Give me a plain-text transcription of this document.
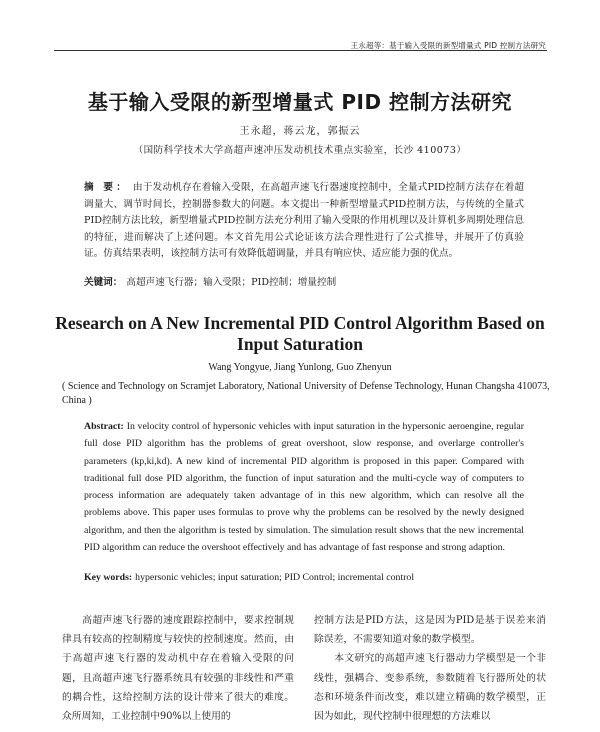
王永超等：基于输入受限的新型增量式 PID 控制方法研究
基于输入受限的新型增量式 PID 控制方法研究
王永超，蒋云龙，郭振云
（国防科学技术大学高超声速冲压发动机技术重点实验室，长沙 410073）
摘 要： 由于发动机存在着输入受限，在高超声速飞行器速度控制中，全量式PID控制方法存在着超调量大、调节时间长，控制器参数大的问题。本文提出一种新型增量式PID控制方法，与传统的全量式PID控制方法比较，新型增量式PID控制方法充分利用了输入受限的作用机理以及计算机多周期处理信息的特征，进而解决了上述问题。本文首先用公式论证该方法合理性进行了公式推导，并展开了仿真验证。仿真结果表明，该控制方法可有效降低超调量，并具有响应快、适应能力强的优点。
关键词： 高超声速飞行器；输入受限；PID控制；增量控制
Research on A New Incremental PID Control Algorithm Based on Input Saturation
Wang Yongyue, Jiang Yunlong, Guo Zhenyun
( Science and Technology on Scramjet Laboratory, National University of Defense Technology, Hunan Changsha 410073, China )
Abstract: In velocity control of hypersonic vehicles with input saturation in the hypersonic aeroengine, regular full dose PID algorithm has the problems of great overshoot, slow response, and overlarge controller's parameters (kp,ki,kd). A new kind of incremental PID algorithm is proposed in this paper. Compared with traditional full dose PID algorithm, the function of input saturation and the multi-cycle way of computers to process information are adequately taken advantage of in this new algorithm, which can resolve all the problems above. This paper uses formulas to prove why the problems can be resolved by the newly designed algorithm, and then the algorithm is tested by simulation. The simulation result shows that the new incremental PID algorithm can reduce the overshoot effectively and has advantage of fast response and strong adaption.
Key words: hypersonic vehicles; input saturation; PID Control; incremental control
高超声速飞行器的速度跟踪控制中，要求控制规律具有较高的控制精度与较快的控制速度。然而，由于高超声速飞行器的发动机中存在着输入受限的问题，且高超声速飞行器系统具有较强的非线性和严重的耦合性，这给控制方法的设计带来了很大的难度。众所周知，工业控制中90%以上使用的
控制方法是PID方法，这是因为PID是基于误差来消除误差，不需要知道对象的数学模型。
本文研究的高超声速飞行器动力学模型是一个非线性，强耦合、变参系统，参数随着飞行器所处的状态和环境条件而改变，难以建立精确的数学模型，正因为如此，现代控制中很理想的方法难以
